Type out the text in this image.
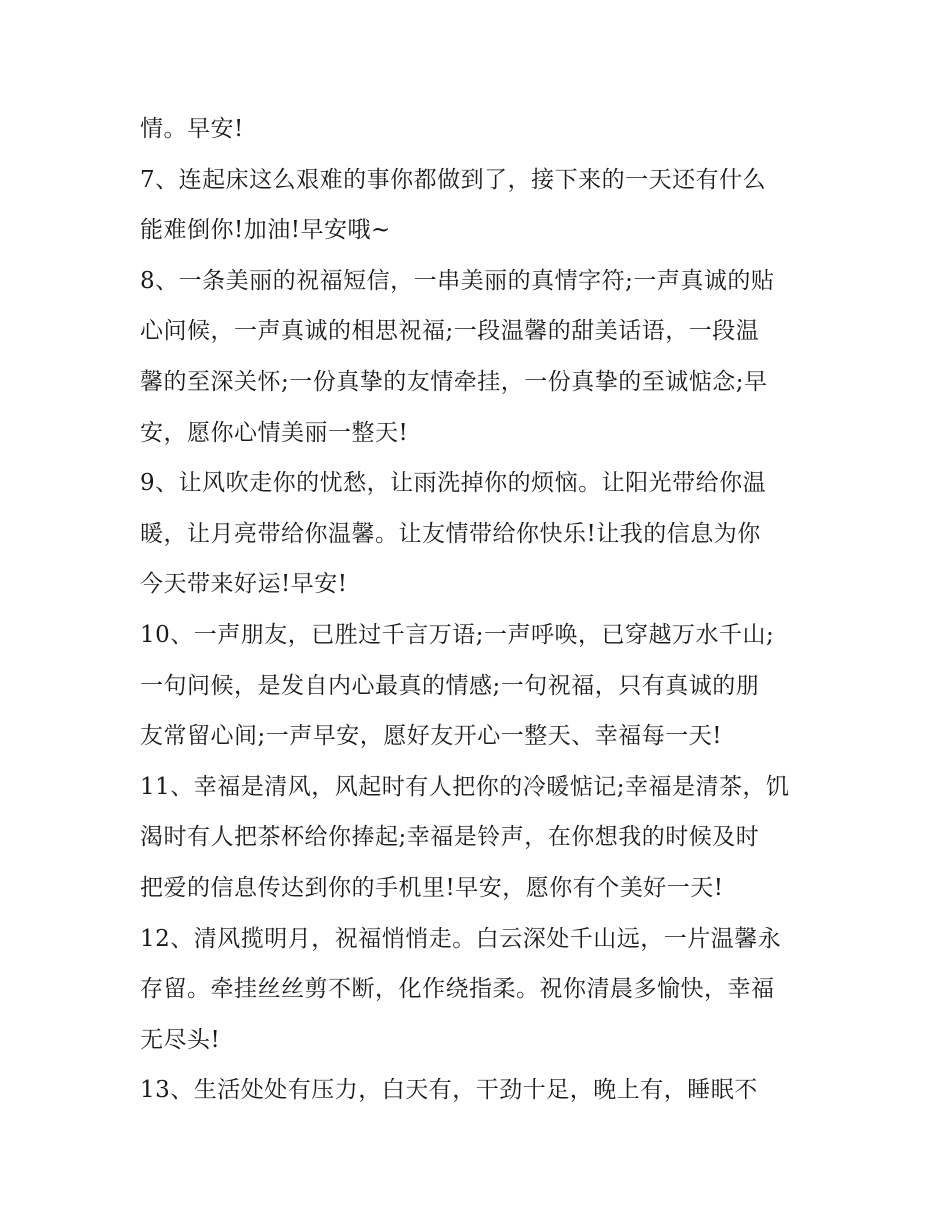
情。早安!
7、连起床这么艰难的事你都做到了，接下来的一天还有什么
能难倒你!加油!早安哦~
8、一条美丽的祝福短信，一串美丽的真情字符;一声真诚的贴
心问候，一声真诚的相思祝福;一段温馨的甜美话语，一段温
馨的至深关怀;一份真挚的友情牵挂，一份真挚的至诚惦念;早
安，愿你心情美丽一整天!
9、让风吹走你的忧愁，让雨洗掉你的烦恼。让阳光带给你温
暖，让月亮带给你温馨。让友情带给你快乐!让我的信息为你
今天带来好运!早安!
10、一声朋友，已胜过千言万语;一声呼唤，已穿越万水千山;
一句问候，是发自内心最真的情感;一句祝福，只有真诚的朋
友常留心间;一声早安，愿好友开心一整天、幸福每一天!
11、幸福是清风，风起时有人把你的冷暖惦记;幸福是清茶，饥
渴时有人把茶杯给你捧起;幸福是铃声，在你想我的时候及时
把爱的信息传达到你的手机里!早安，愿你有个美好一天!
12、清风揽明月，祝福悄悄走。白云深处千山远，一片温馨永
存留。牵挂丝丝剪不断，化作绕指柔。祝你清晨多愉快，幸福
无尽头!
13、生活处处有压力，白天有，干劲十足，晚上有，睡眠不
